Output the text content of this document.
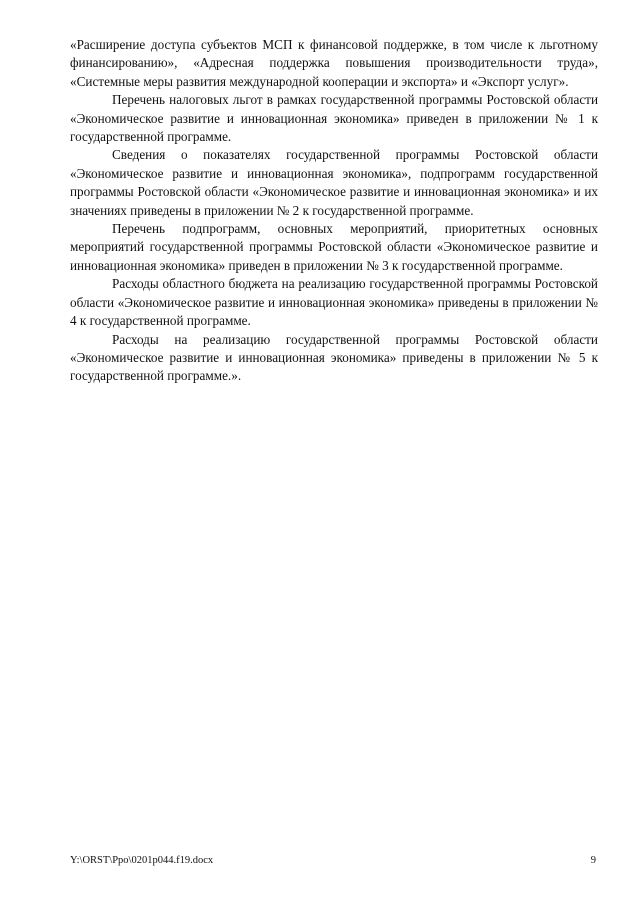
«Расширение доступа субъектов МСП к финансовой поддержке, в том числе к льготному финансированию», «Адресная поддержка повышения производительности труда», «Системные меры развития международной кооперации и экспорта» и «Экспорт услуг».

Перечень налоговых льгот в рамках государственной программы Ростовской области «Экономическое развитие и инновационная экономика» приведен в приложении № 1 к государственной программе.

Сведения о показателях государственной программы Ростовской области «Экономическое развитие и инновационная экономика», подпрограмм государственной программы Ростовской области «Экономическое развитие и инновационная экономика» и их значениях приведены в приложении № 2 к государственной программе.

Перечень подпрограмм, основных мероприятий, приоритетных основных мероприятий государственной программы Ростовской области «Экономическое развитие и инновационная экономика» приведен в приложении № 3 к государственной программе.

Расходы областного бюджета на реализацию государственной программы Ростовской области «Экономическое развитие и инновационная экономика» приведены в приложении № 4 к государственной программе.

Расходы на реализацию государственной программы Ростовской области «Экономическое развитие и инновационная экономика» приведены в приложении № 5 к государственной программе.».

Y:\ORST\Ppo\0201p044.f19.docx	9
